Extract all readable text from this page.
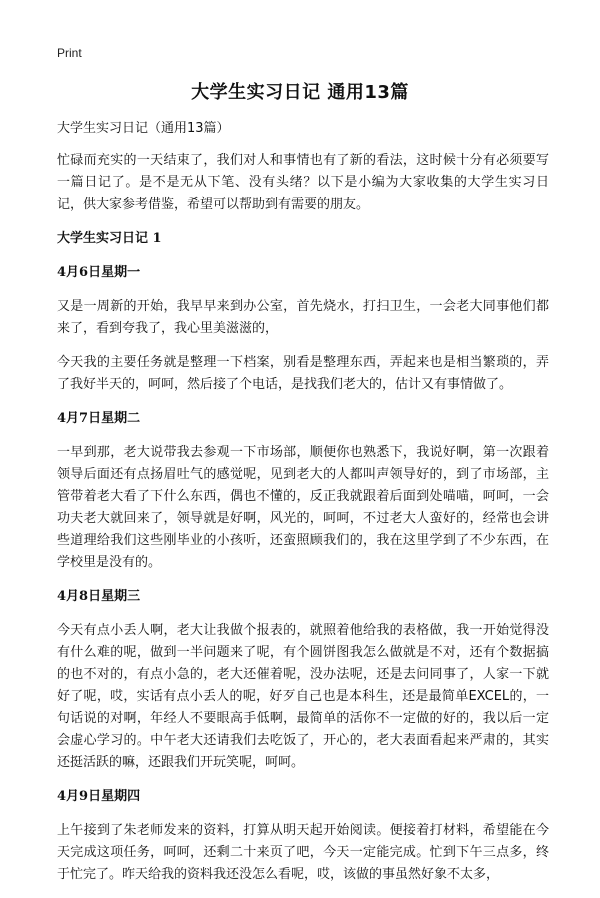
Print
大学生实习日记 通用13篇

大学生实习日记（通用13篇）

忙碌而充实的一天结束了，我们对人和事情也有了新的看法，这时候十分有必须要写一篇日记了。是不是无从下笔、没有头绪？以下是小编为大家收集的大学生实习日记，供大家参考借鉴，希望可以帮助到有需要的朋友。

大学生实习日记 1

4月6日星期一

又是一周新的开始，我早早来到办公室，首先烧水，打扫卫生，一会老大同事他们都来了，看到夸我了，我心里美滋滋的，

今天我的主要任务就是整理一下档案，别看是整理东西，弄起来也是相当繁琐的，弄了我好半天的，呵呵，然后接了个电话，是找我们老大的，估计又有事情做了。

4月7日星期二

一早到那，老大说带我去参观一下市场部，顺便你也熟悉下，我说好啊，第一次跟着领导后面还有点扬眉吐气的感觉呢，见到老大的人都叫声领导好的，到了市场部，主管带着老大看了下什么东西，偶也不懂的，反正我就跟着后面到处喵喵，呵呵，一会功夫老大就回来了，领导就是好啊，风光的，呵呵，不过老大人蛮好的，经常也会讲些道理给我们这些刚毕业的小孩听，还蛮照顾我们的，我在这里学到了不少东西，在学校里是没有的。

4月8日星期三

今天有点小丢人啊，老大让我做个报表的，就照着他给我的表格做，我一开始觉得没有什么难的呢，做到一半问题来了呢，有个圆饼图我怎么做就是不对，还有个数据搞的也不对的，有点小急的，老大还催着呢，没办法呢，还是去问同事了，人家一下就好了呢，哎，实话有点小丢人的呢，好歹自己也是本科生，还是最简单EXCEL的，一句话说的对啊，年经人不要眼高手低啊，最简单的活你不一定做的好的，我以后一定会虚心学习的。中午老大还请我们去吃饭了，开心的，老大表面看起来严肃的，其实还挺活跃的嘛，还跟我们开玩笑呢，呵呵。

4月9日星期四

上午接到了朱老师发来的资料，打算从明天起开始阅读。便接着打材料，希望能在今天完成这项任务，呵呵，还剩二十来页了吧，今天一定能完成。忙到下午三点多，终于忙完了。昨天给我的资料我还没怎么看呢，哎，该做的事虽然好象不太多，
